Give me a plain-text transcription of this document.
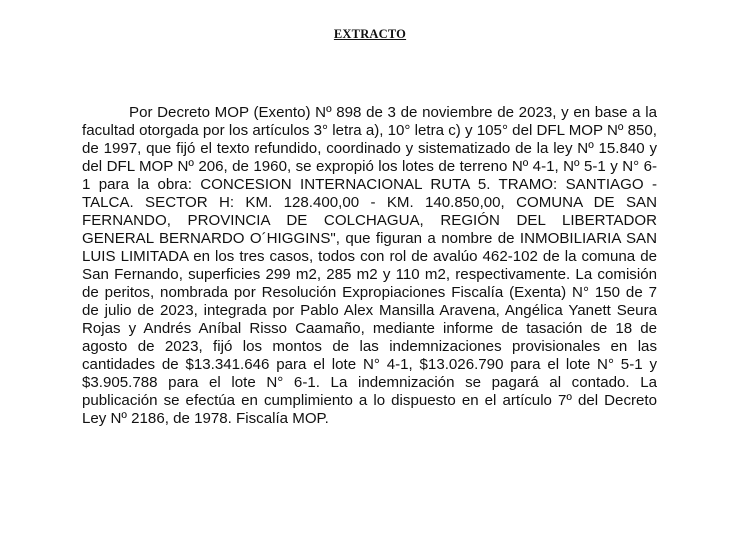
EXTRACTO

Por Decreto MOP (Exento) Nº 898 de 3 de noviembre de 2023, y en base a la facultad otorgada por los artículos 3° letra a), 10° letra c) y 105° del DFL MOP Nº 850, de 1997, que fijó el texto refundido, coordinado y sistematizado de la ley Nº 15.840 y del DFL MOP Nº 206, de 1960, se expropió los lotes de terreno Nº 4-1, Nº 5-1 y N° 6-1 para la obra: CONCESION INTERNACIONAL RUTA 5. TRAMO: SANTIAGO - TALCA. SECTOR H: KM. 128.400,00 - KM. 140.850,00, COMUNA DE SAN FERNANDO, PROVINCIA DE COLCHAGUA, REGIÓN DEL LIBERTADOR GENERAL BERNARDO O´HIGGINS", que figuran a nombre de INMOBILIARIA SAN LUIS LIMITADA en los tres casos, todos con rol de avalúo 462-102 de la comuna de San Fernando, superficies 299 m2, 285 m2 y 110 m2, respectivamente. La comisión de peritos, nombrada por Resolución Expropiaciones Fiscalía (Exenta) N° 150 de 7 de julio de 2023, integrada por Pablo Alex Mansilla Aravena, Angélica Yanett Seura Rojas y Andrés Aníbal Risso Caamaño, mediante informe de tasación de 18 de agosto de 2023, fijó los montos de las indemnizaciones provisionales en las cantidades de $13.341.646 para el lote N° 4-1, $13.026.790 para el lote N° 5-1 y $3.905.788 para el lote N° 6-1. La indemnización se pagará al contado. La publicación se efectúa en cumplimiento a lo dispuesto en el artículo 7º del Decreto Ley Nº 2186, de 1978. Fiscalía MOP.
